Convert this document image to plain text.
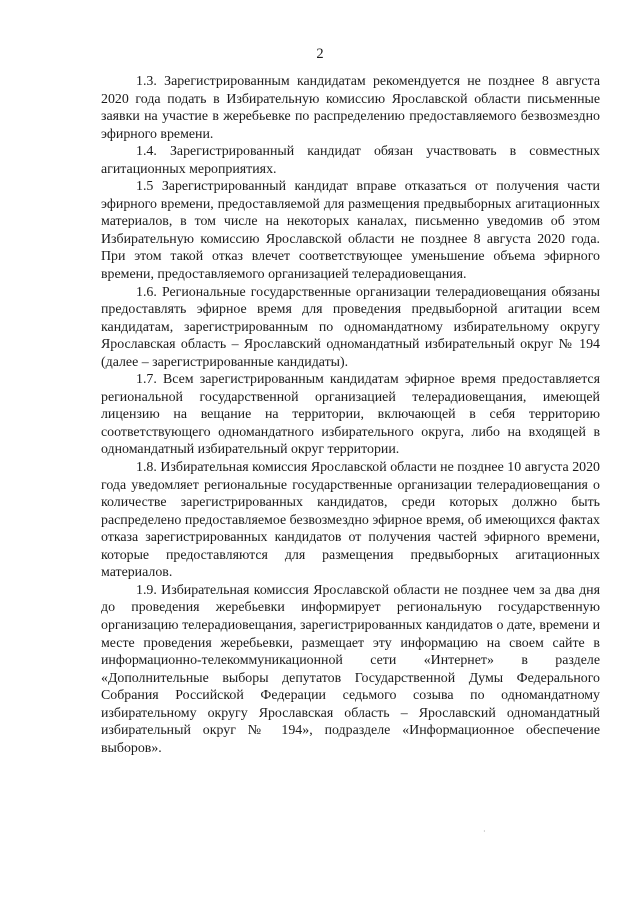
2

1.3. Зарегистрированным кандидатам рекомендуется не позднее 8 августа 2020 года подать в Избирательную комиссию Ярославской области письменные заявки на участие в жеребьевке по распределению предоставляемого безвозмездно эфирного времени.

1.4. Зарегистрированный кандидат обязан участвовать в совместных агитационных мероприятиях.

1.5 Зарегистрированный кандидат вправе отказаться от получения части эфирного времени, предоставляемой для размещения предвыборных агитационных материалов, в том числе на некоторых каналах, письменно уведомив об этом Избирательную комиссию Ярославской области не позднее 8 августа 2020 года. При этом такой отказ влечет соответствующее уменьшение объема эфирного времени, предоставляемого организацией телерадиовещания.

1.6. Региональные государственные организации телерадиовещания обязаны предоставлять эфирное время для проведения предвыборной агитации всем кандидатам, зарегистрированным по одномандатному избирательному округу Ярославская область – Ярославский одномандатный избирательный округ № 194 (далее – зарегистрированные кандидаты).

1.7. Всем зарегистрированным кандидатам эфирное время предоставляется региональной государственной организацией телерадиовещания, имеющей лицензию на вещание на территории, включающей в себя территорию соответствующего одномандатного избирательного округа, либо на входящей в одномандатный избирательный округ территории.

1.8. Избирательная комиссия Ярославской области не позднее 10 августа 2020 года уведомляет региональные государственные организации телерадиовещания о количестве зарегистрированных кандидатов, среди которых должно быть распределено предоставляемое безвозмездно эфирное время, об имеющихся фактах отказа зарегистрированных кандидатов от получения частей эфирного времени, которые предоставляются для размещения предвыборных агитационных материалов.

1.9. Избирательная комиссия Ярославской области не позднее чем за два дня до проведения жеребьевки информирует региональную государственную организацию телерадиовещания, зарегистрированных кандидатов о дате, времени и месте проведения жеребьевки, размещает эту информацию на своем сайте в информационно-телекоммуникационной сети «Интернет» в разделе «Дополнительные выборы депутатов Государственной Думы Федерального Собрания Российской Федерации седьмого созыва по одномандатному избирательному округу Ярославская область – Ярославский одномандатный избирательный округ № 194», подразделе «Информационное обеспечение выборов».

·
